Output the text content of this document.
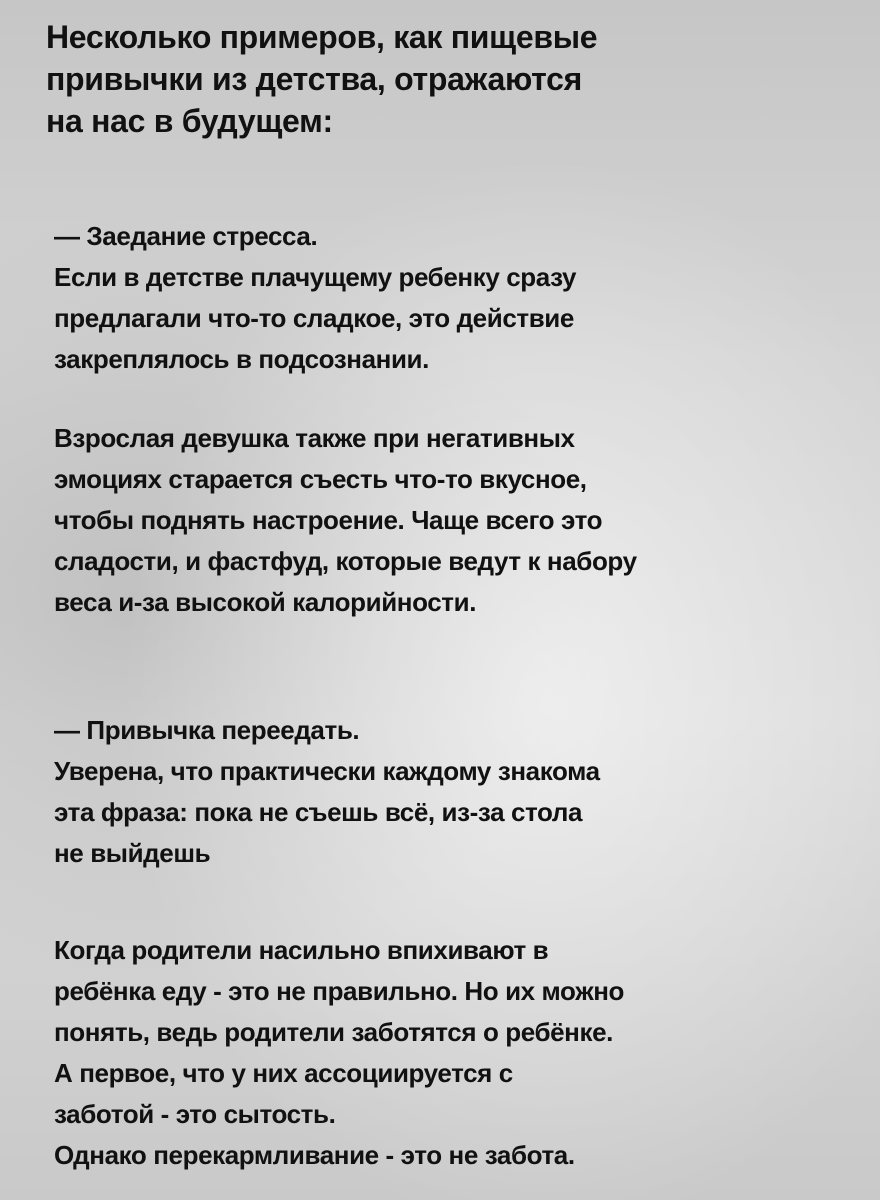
Несколько примеров, как пищевые
привычки из детства, отражаются
на нас в будущем:
— Заедание стресса.
Если в детстве плачущему ребенку сразу
предлагали что-то сладкое, это действие
закреплялось в подсознании.
Взрослая девушка также при негативных
эмоциях старается съесть что-то вкусное,
чтобы поднять настроение. Чаще всего это
сладости, и фастфуд, которые ведут к набору
веса и-за высокой калорийности.
— Привычка переедать.
Уверена, что практически каждому знакома
эта фраза: пока не съешь всё, из-за стола
не выйдешь
Когда родители насильно впихивают в
ребёнка еду - это не правильно. Но их можно
понять, ведь родители заботятся о ребёнке.
А первое, что у них ассоциируется с
заботой - это сытость.
Однако перекармливание - это не забота.
